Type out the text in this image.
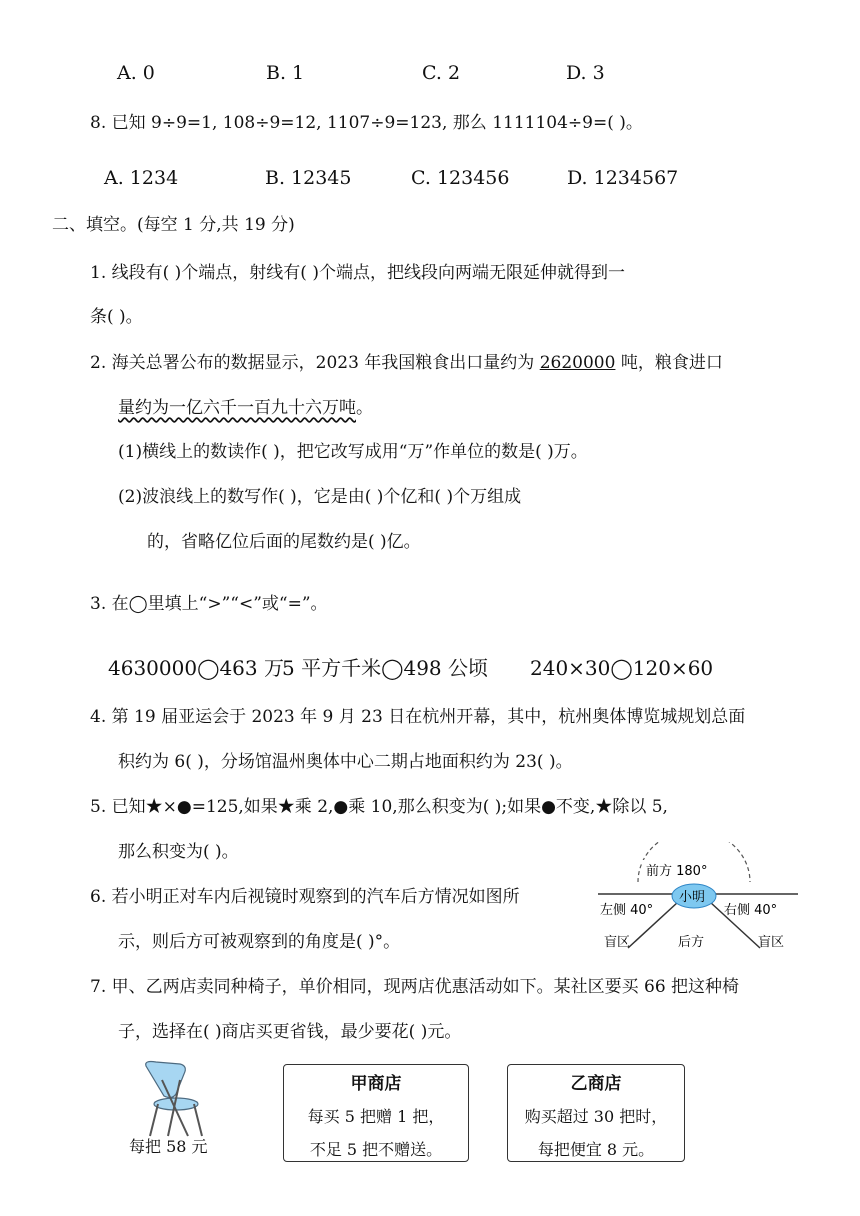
A. 0	B. 1	C. 2	D. 3
8. 已知 9÷9=1, 108÷9=12, 1107÷9=123, 那么 1111104÷9=( )。
A. 1234	B. 12345	C. 123456	D. 1234567
二、填空。(每空 1 分,共 19 分)
1. 线段有( )个端点，射线有( )个端点，把线段向两端无限延伸就得到一
条( )。
2. 海关总署公布的数据显示，2023 年我国粮食出口量约为 2620000 吨，粮食进口
量约为一亿六千一百九十六万吨。
(1)横线上的数读作( )，把它改写成用“万”作单位的数是( )万。
(2)波浪线上的数写作( )，它是由( )个亿和( )个万组成
的，省略亿位后面的尾数约是( )亿。
3. 在◯里填上“>”“<”或“=”。
4630000◯463 万
5 平方千米◯498 公顷 240×30◯120×60
4. 第 19 届亚运会于 2023 年 9 月 23 日在杭州开幕，其中，杭州奥体博览城规划总面
积约为 6( )，分场馆温州奥体中心二期占地面积约为 23( )。
5. 已知★×●=125,如果★乘 2,●乘 10,那么积变为( );如果●不变,★除以 5,
那么积变为( )。
6. 若小明正对车内后视镜时观察到的汽车后方情况如图所
示，则后方可被观察到的角度是( )°。
前方 180°
小明
左侧 40°	右侧 40°
盲区	后方	盲区
7. 甲、乙两店卖同种椅子，单价相同，现两店优惠活动如下。某社区要买 66 把这种椅
子，选择在( )商店买更省钱，最少要花( )元。
每把 58 元
甲商店
每买 5 把赠 1 把，
不足 5 把不赠送。
乙商店
购买超过 30 把时，
每把便宜 8 元。
